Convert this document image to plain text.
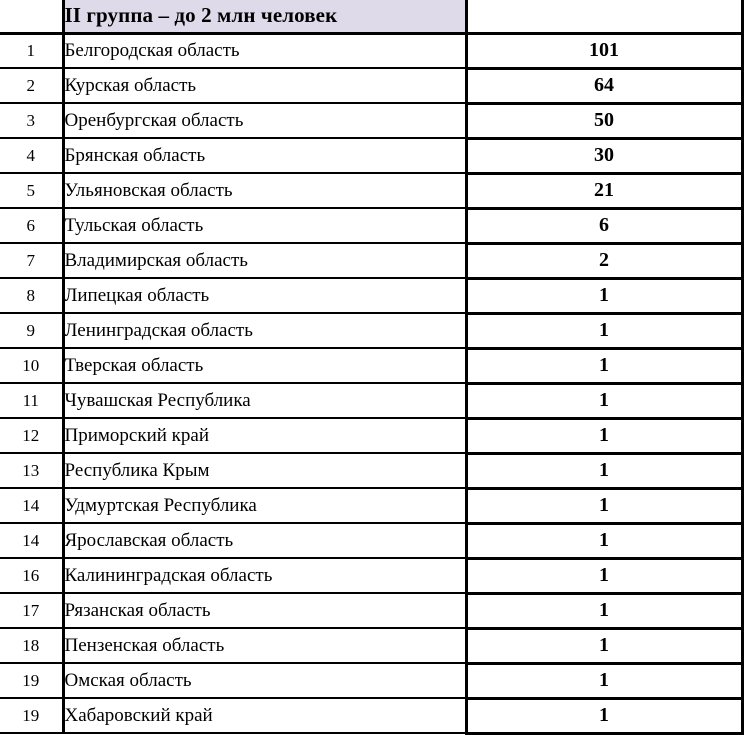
	II группа – до 2 млн человек	
1	Белгородская область	101
2	Курская область	64
3	Оренбургская область	50
4	Брянская область	30
5	Ульяновская область	21
6	Тульская область	6
7	Владимирская область	2
8	Липецкая область	1
9	Ленинградская область	1
10	Тверская область	1
11	Чувашская Республика	1
12	Приморский край	1
13	Республика Крым	1
14	Удмуртская Республика	1
14	Ярославская область	1
16	Калининградская область	1
17	Рязанская область	1
18	Пензенская область	1
19	Омская область	1
19	Хабаровский край	1
